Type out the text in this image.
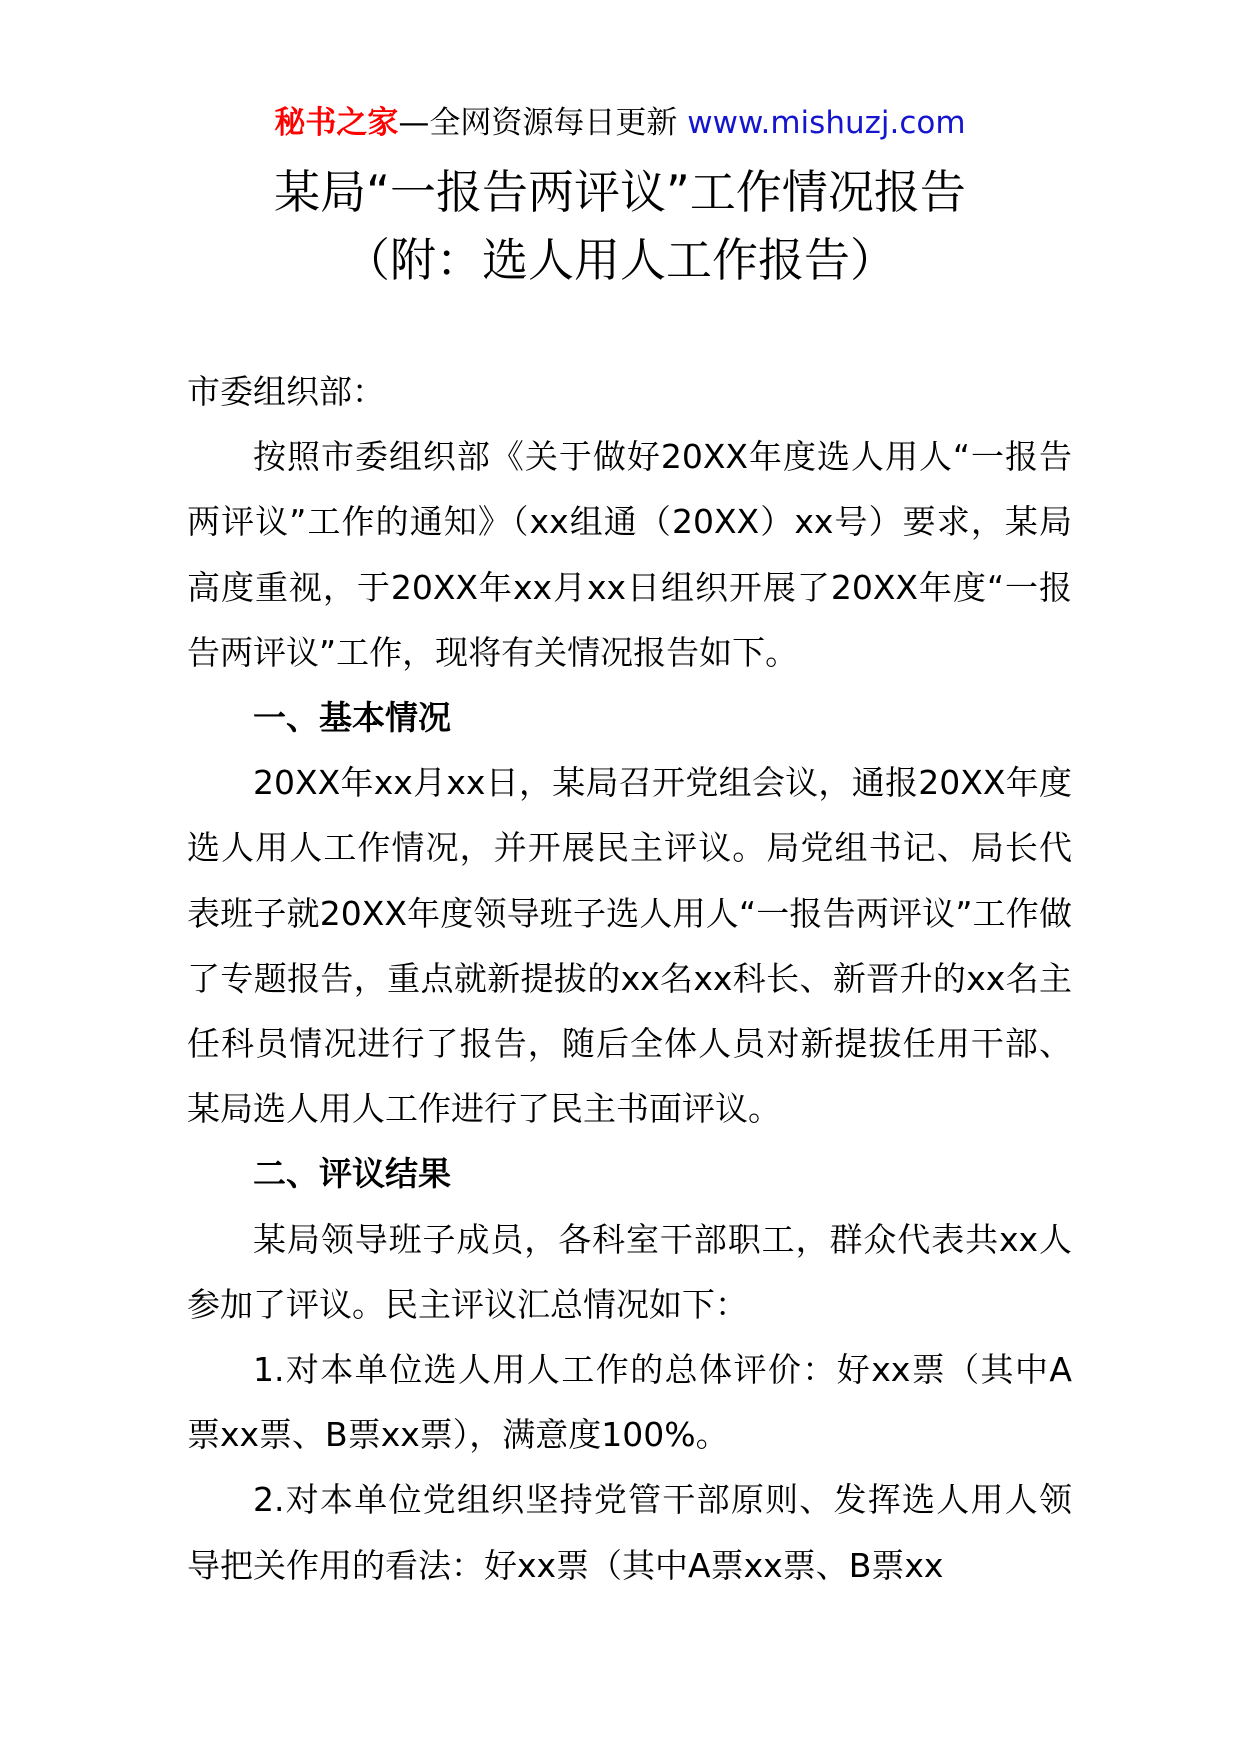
秘书之家—全网资源每日更新 www.mishuzj.com
某局“一报告两评议”工作情况报告
（附：选人用人工作报告）

市委组织部：

按照市委组织部《关于做好20XX年度选人用人“一报告两评议”工作的通知》（xx组通（20XX）xx号）要求，某局高度重视，于20XX年xx月xx日组织开展了20XX年度“一报告两评议”工作，现将有关情况报告如下。

一、基本情况

20XX年xx月xx日，某局召开党组会议，通报20XX年度选人用人工作情况，并开展民主评议。局党组书记、局长代表班子就20XX年度领导班子选人用人“一报告两评议”工作做了专题报告，重点就新提拔的xx名xx科长、新晋升的xx名主任科员情况进行了报告，随后全体人员对新提拔任用干部、某局选人用人工作进行了民主书面评议。

二、评议结果

某局领导班子成员，各科室干部职工，群众代表共xx人参加了评议。民主评议汇总情况如下：

1.对本单位选人用人工作的总体评价：好xx票（其中A票xx票、B票xx票），满意度100%。

2.对本单位党组织坚持党管干部原则、发挥选人用人领导把关作用的看法：好xx票（其中A票xx票、B票xx
